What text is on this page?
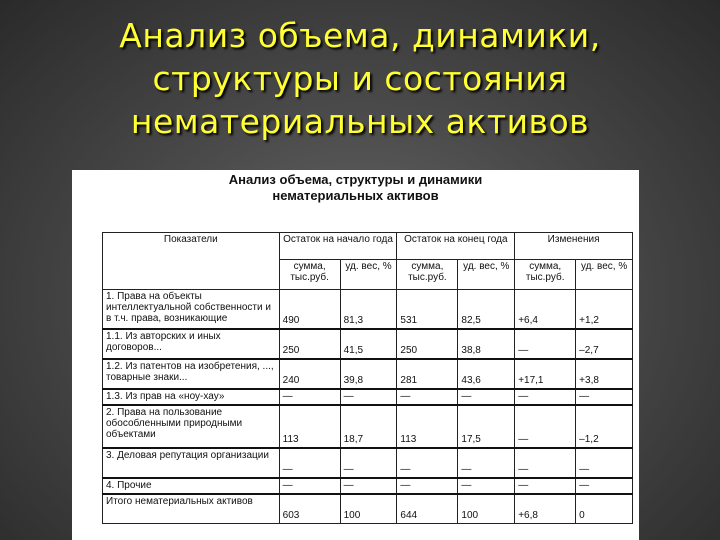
Анализ объема, динамики,
структуры и состояния
нематериальных активов
Анализ объема, структуры и динамики
нематериальных активов
Показатели	Остаток на начало года		Остаток на конец года		Изменения	
	сумма, тыс.руб.	уд. вес, %	сумма, тыс.руб.	уд. вес, %	сумма, тыс.руб.	уд. вес, %
1. Права на объекты интеллектуальной собственности и в т.ч. права, возникающие	490	81,3	531	82,5	+6,4	+1,2
1.1. Из авторских и иных договоров...	250	41,5	250	38,8	—	–2,7
1.2. Из патентов на изобретения, ..., товарные знаки...	240	39,8	281	43,6	+17,1	+3,8
1.3. Из прав на «ноу-хау»	—	—	—	—	—	—
2. Права на пользование обособленными природными объектами	113	18,7	113	17,5	—	–1,2
3. Деловая репутация организации	—	—	—	—	—	—
4. Прочие	—	—	—	—	—	—
Итого нематериальных активов	603	100	644	100	+6,8	0
